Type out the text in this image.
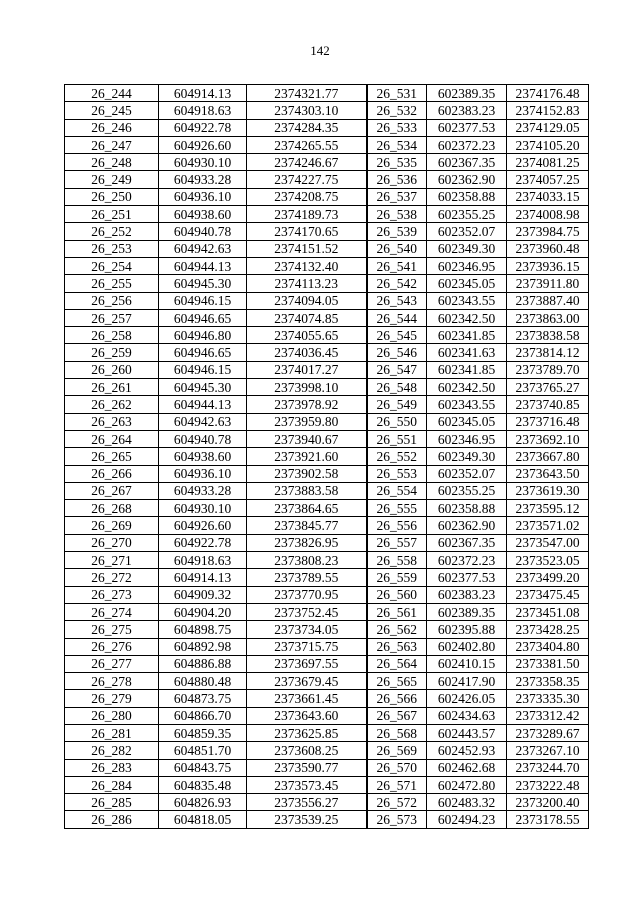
142
26_244	604914.13	2374321.77	26_531	602389.35	2374176.48
26_245	604918.63	2374303.10	26_532	602383.23	2374152.83
26_246	604922.78	2374284.35	26_533	602377.53	2374129.05
26_247	604926.60	2374265.55	26_534	602372.23	2374105.20
26_248	604930.10	2374246.67	26_535	602367.35	2374081.25
26_249	604933.28	2374227.75	26_536	602362.90	2374057.25
26_250	604936.10	2374208.75	26_537	602358.88	2374033.15
26_251	604938.60	2374189.73	26_538	602355.25	2374008.98
26_252	604940.78	2374170.65	26_539	602352.07	2373984.75
26_253	604942.63	2374151.52	26_540	602349.30	2373960.48
26_254	604944.13	2374132.40	26_541	602346.95	2373936.15
26_255	604945.30	2374113.23	26_542	602345.05	2373911.80
26_256	604946.15	2374094.05	26_543	602343.55	2373887.40
26_257	604946.65	2374074.85	26_544	602342.50	2373863.00
26_258	604946.80	2374055.65	26_545	602341.85	2373838.58
26_259	604946.65	2374036.45	26_546	602341.63	2373814.12
26_260	604946.15	2374017.27	26_547	602341.85	2373789.70
26_261	604945.30	2373998.10	26_548	602342.50	2373765.27
26_262	604944.13	2373978.92	26_549	602343.55	2373740.85
26_263	604942.63	2373959.80	26_550	602345.05	2373716.48
26_264	604940.78	2373940.67	26_551	602346.95	2373692.10
26_265	604938.60	2373921.60	26_552	602349.30	2373667.80
26_266	604936.10	2373902.58	26_553	602352.07	2373643.50
26_267	604933.28	2373883.58	26_554	602355.25	2373619.30
26_268	604930.10	2373864.65	26_555	602358.88	2373595.12
26_269	604926.60	2373845.77	26_556	602362.90	2373571.02
26_270	604922.78	2373826.95	26_557	602367.35	2373547.00
26_271	604918.63	2373808.23	26_558	602372.23	2373523.05
26_272	604914.13	2373789.55	26_559	602377.53	2373499.20
26_273	604909.32	2373770.95	26_560	602383.23	2373475.45
26_274	604904.20	2373752.45	26_561	602389.35	2373451.08
26_275	604898.75	2373734.05	26_562	602395.88	2373428.25
26_276	604892.98	2373715.75	26_563	602402.80	2373404.80
26_277	604886.88	2373697.55	26_564	602410.15	2373381.50
26_278	604880.48	2373679.45	26_565	602417.90	2373358.35
26_279	604873.75	2373661.45	26_566	602426.05	2373335.30
26_280	604866.70	2373643.60	26_567	602434.63	2373312.42
26_281	604859.35	2373625.85	26_568	602443.57	2373289.67
26_282	604851.70	2373608.25	26_569	602452.93	2373267.10
26_283	604843.75	2373590.77	26_570	602462.68	2373244.70
26_284	604835.48	2373573.45	26_571	602472.80	2373222.48
26_285	604826.93	2373556.27	26_572	602483.32	2373200.40
26_286	604818.05	2373539.25	26_573	602494.23	2373178.55
